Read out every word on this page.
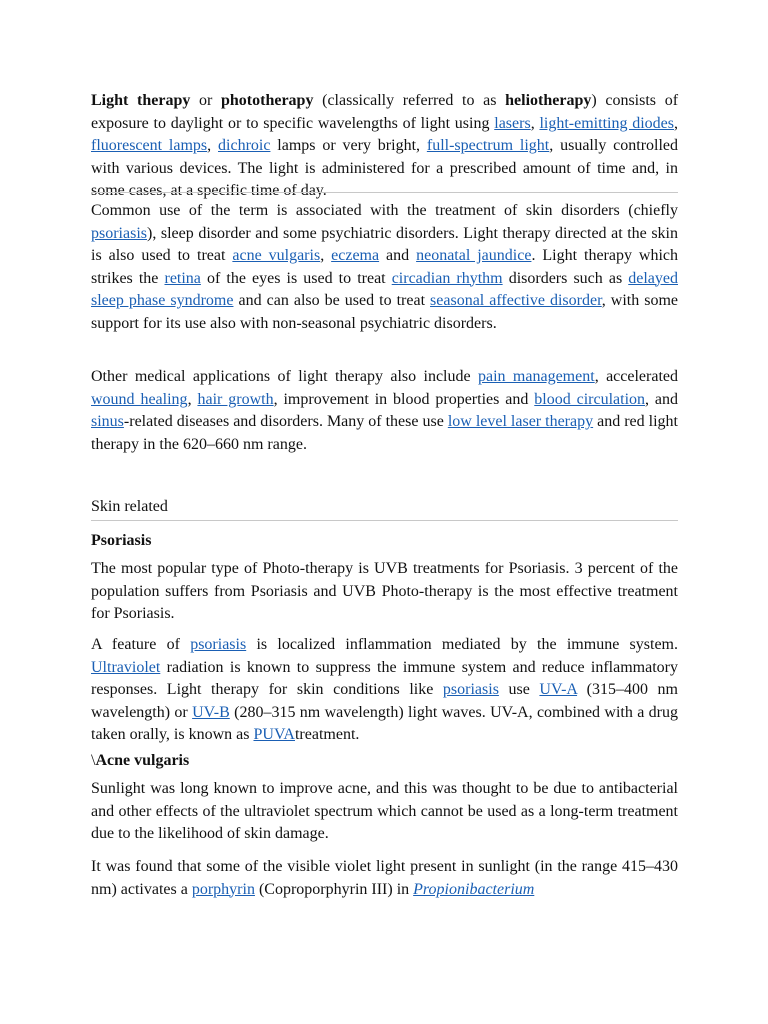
Light therapy or phototherapy (classically referred to as heliotherapy) consists of exposure to daylight or to specific wavelengths of light using lasers, light-emitting diodes, fluorescent lamps, dichroic lamps or very bright, full-spectrum light, usually controlled with various devices. The light is administered for a prescribed amount of time and, in some cases, at a specific time of day.

Common use of the term is associated with the treatment of skin disorders (chiefly psoriasis), sleep disorder and some psychiatric disorders. Light therapy directed at the skin is also used to treat acne vulgaris, eczema and neonatal jaundice. Light therapy which strikes the retina of the eyes is used to treat circadian rhythm disorders such as delayed sleep phase syndrome and can also be used to treat seasonal affective disorder, with some support for its use also with non-seasonal psychiatric disorders.

Other medical applications of light therapy also include pain management, accelerated wound healing, hair growth, improvement in blood properties and blood circulation, and sinus-related diseases and disorders. Many of these use low level laser therapy and red light therapy in the 620–660 nm range.

Skin related

Psoriasis

The most popular type of Photo-therapy is UVB treatments for Psoriasis. 3 percent of the population suffers from Psoriasis and UVB Photo-therapy is the most effective treatment for Psoriasis.

A feature of psoriasis is localized inflammation mediated by the immune system. Ultraviolet radiation is known to suppress the immune system and reduce inflammatory responses. Light therapy for skin conditions like psoriasis use UV-A (315–400 nm wavelength) or UV-B (280–315 nm wavelength) light waves. UV-A, combined with a drug taken orally, is known as PUVAtreatment.

\Acne vulgaris

Sunlight was long known to improve acne, and this was thought to be due to antibacterial and other effects of the ultraviolet spectrum which cannot be used as a long-term treatment due to the likelihood of skin damage.

It was found that some of the visible violet light present in sunlight (in the range 415–430 nm) activates a porphyrin (Coproporphyrin III) in Propionibacterium
